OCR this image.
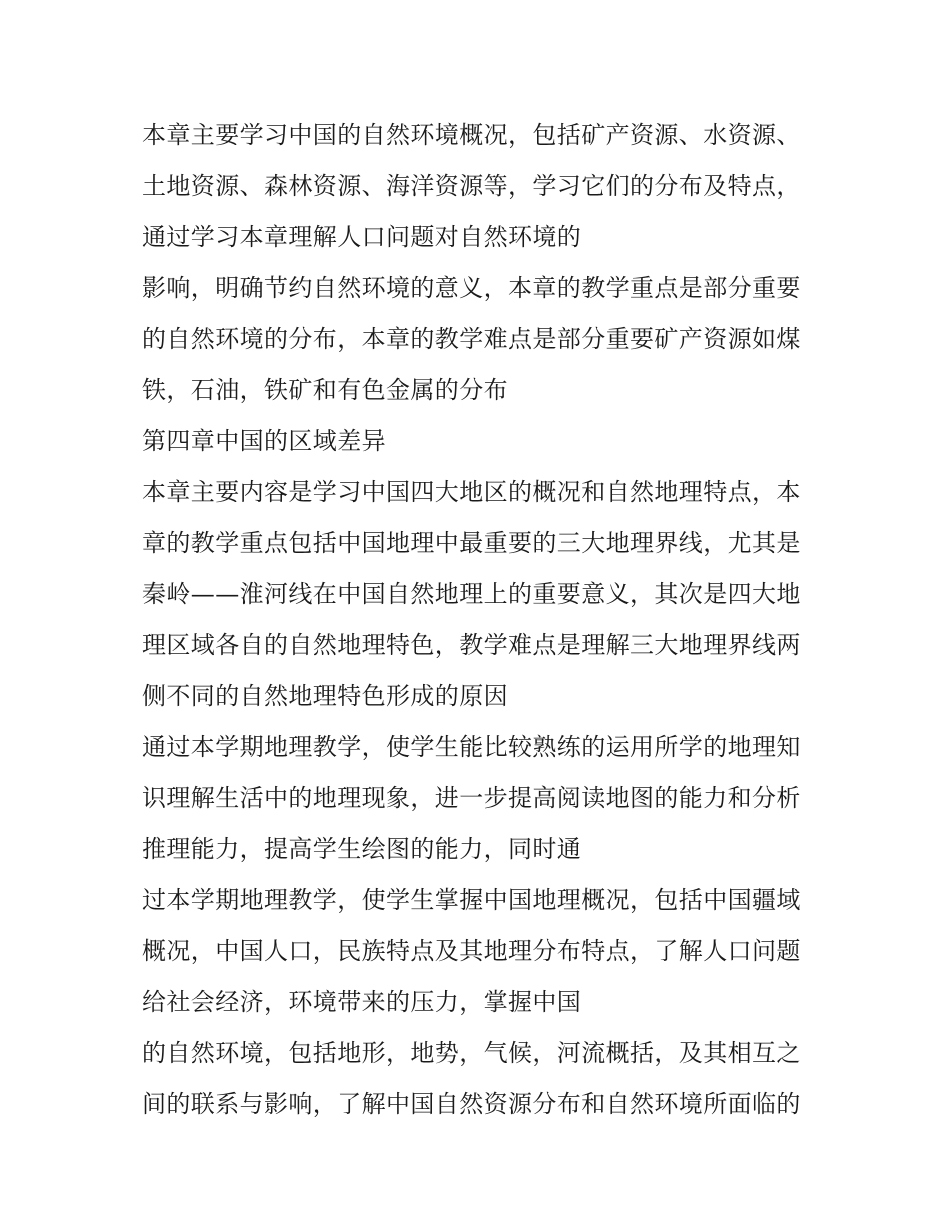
本章主要学习中国的自然环境概况，包括矿产资源、水资源、
土地资源、森林资源、海洋资源等，学习它们的分布及特点，
通过学习本章理解人口问题对自然环境的
影响，明确节约自然环境的意义，本章的教学重点是部分重要
的自然环境的分布，本章的教学难点是部分重要矿产资源如煤
铁，石油，铁矿和有色金属的分布
第四章中国的区域差异
本章主要内容是学习中国四大地区的概况和自然地理特点，本
章的教学重点包括中国地理中最重要的三大地理界线，尤其是
秦岭——淮河线在中国自然地理上的重要意义，其次是四大地
理区域各自的自然地理特色，教学难点是理解三大地理界线两
侧不同的自然地理特色形成的原因
通过本学期地理教学，使学生能比较熟练的运用所学的地理知
识理解生活中的地理现象，进一步提高阅读地图的能力和分析
推理能力，提高学生绘图的能力，同时通
过本学期地理教学，使学生掌握中国地理概况，包括中国疆域
概况，中国人口，民族特点及其地理分布特点，了解人口问题
给社会经济，环境带来的压力，掌握中国
的自然环境，包括地形，地势，气候，河流概括，及其相互之
间的联系与影响，了解中国自然资源分布和自然环境所面临的
